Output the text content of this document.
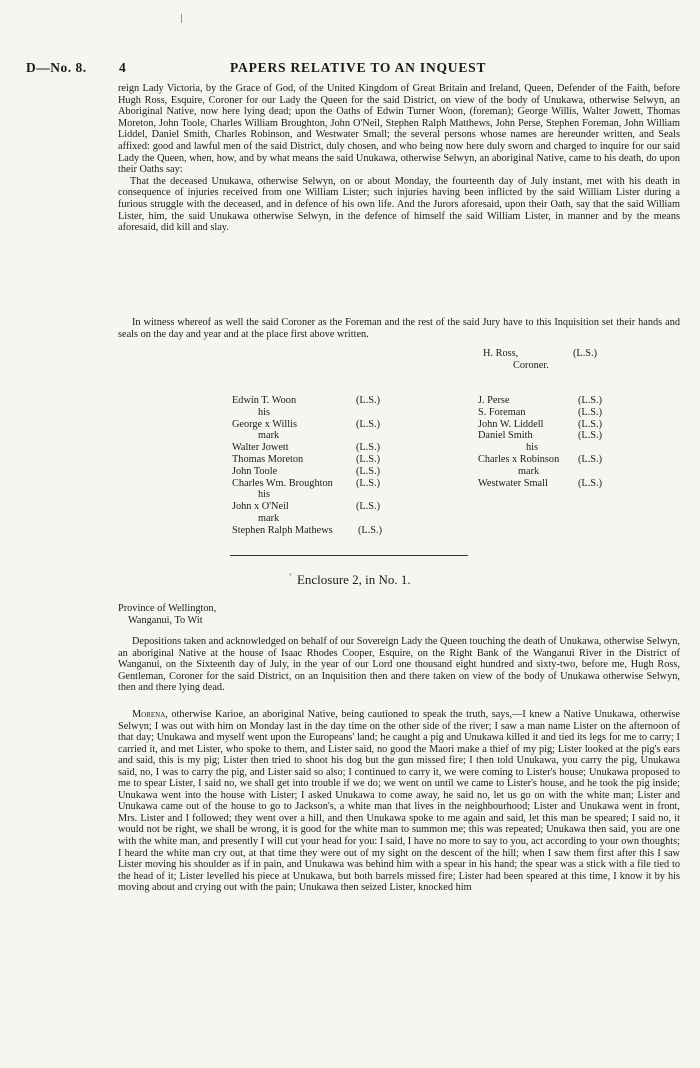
D—No. 8. 4	PAPERS RELATIVE TO AN INQUEST

reign Lady Victoria, by the Grace of God, of the United Kingdom of Great Britain and Ireland, Queen, Defender of the Faith, before Hugh Ross, Esquire, Coroner for our Lady the Queen for the said District, on view of the body of Unukawa, otherwise Selwyn, an Aboriginal Native, now here lying dead; upon the Oaths of Edwin Turner Woon, (foreman); George Willis, Walter Jowett, Thomas Moreton, John Toole, Charles William Broughton, John O'Neil, Stephen Ralph Matthews, John Perse, Stephen Foreman, John William Liddel, Daniel Smith, Charles Robinson, and Westwater Small; the several persons whose names are hereunder written, and Seals affixed: good and lawful men of the said District, duly chosen, and who being now here duly sworn and charged to inquire for our said Lady the Queen, when, how, and by what means the said Unukawa, otherwise Selwyn, an aboriginal Native, came to his death, do upon their Oaths say:

That the deceased Unukawa, otherwise Selwyn, on or about Monday, the fourteenth day of July instant, met with his death in consequence of injuries received from one William Lister; such injuries having been inflicted by the said William Lister during a furious struggle with the deceased, and in defence of his own life. And the Jurors aforesaid, upon their Oath, say that the said William Lister, him, the said Unukawa otherwise Selwyn, in the defence of himself the said William Lister, in manner and by the means aforesaid, did kill and slay.

In witness whereof as well the said Coroner as the Foreman and the rest of the said Jury have to this Inquisition set their hands and seals on the day and year and at the place first above written.

H. Ross,	(L.S.)
Coroner.
Edwin T. Woon	(L.S.)
his
George x Willis	(L.S.)
mark
Walter Jowett	(L.S.)
Thomas Moreton	(L.S.)
John Toole	(L.S.)
Charles Wm. Broughton (L.S.)
his
John x O'Neil	(L.S.)
mark
Stephen Ralph Mathews (L.S.)
J. Perse	(L.S.)
S. Foreman	(L.S.)
John W. Liddell	(L.S.)
Daniel Smith	(L.S.)
his
Charles x Robinson (L.S.)
mark
Westwater Small	(L.S.)
' Enclosure 2, in No. 1.
Province of Wellington,
Wanganui, To Wit

Depositions taken and acknowledged on behalf of our Sovereign Lady the Queen touching the death of Unukawa, otherwise Selwyn, an aboriginal Native at the house of Isaac Rhodes Cooper, Esquire, on the Right Bank of the Wanganui River in the District of Wanganui, on the Sixteenth day of July, in the year of our Lord one thousand eight hundred and sixty-two, before me, Hugh Ross, Gentleman, Coroner for the said District, on an Inquisition then and there taken on view of the body of Unukawa otherwise Selwyn, then and there lying dead.

Morena, otherwise Karioe, an aboriginal Native, being cautioned to speak the truth, says,—I knew a Native Unukawa, otherwise Selwyn; I was out with him on Monday last in the day time on the other side of the river; I saw a man name Lister on the afternoon of that day; Unukawa and myself went upon the Europeans' land; he caught a pig and Unukawa killed it and tied its legs for me to carry; I carried it, and met Lister, who spoke to them, and Lister said, no good the Maori make a thief of my pig; Lister looked at the pig's ears and said, this is my pig; Lister then tried to shoot his dog but the gun missed fire; I then told Unukawa, you carry the pig, Unukawa said, no, I was to carry the pig, and Lister said so also; I continued to carry it, we were coming to Lister's house; Unukawa proposed to me to spear Lister, I said no, we shall get into trouble if we do; we went on until we came to Lister's house, and he took the pig inside; Unukawa went into the house with Lister; I asked Unukawa to come away, he said no, let us go on with the white man; Lister and Unukawa came out of the house to go to Jackson's, a white man that lives in the neighbourhood; Lister and Unukawa went in front, Mrs. Lister and I followed; they went over a hill, and then Unukawa spoke to me again and said, let this man be speared; I said no, it would not be right, we shall be wrong, it is good for the white man to summon me; this was repeated; Unukawa then said, you are one with the white man, and presently I will cut your head for you: I said, I have no more to say to you, act according to your own thoughts; I heard the white man cry out, at that time they were out of my sight on the descent of the hill; when I saw them first after this I saw Lister moving his shoulder as if in pain, and Unukawa was behind him with a spear in his hand; the spear was a stick with a file tied to the head of it; Lister levelled his piece at Unukawa, but both barrels missed fire; Lister had been speared at this time, I know it by his moving about and crying out with the pain; Unukawa then seized Lister, knocked him
